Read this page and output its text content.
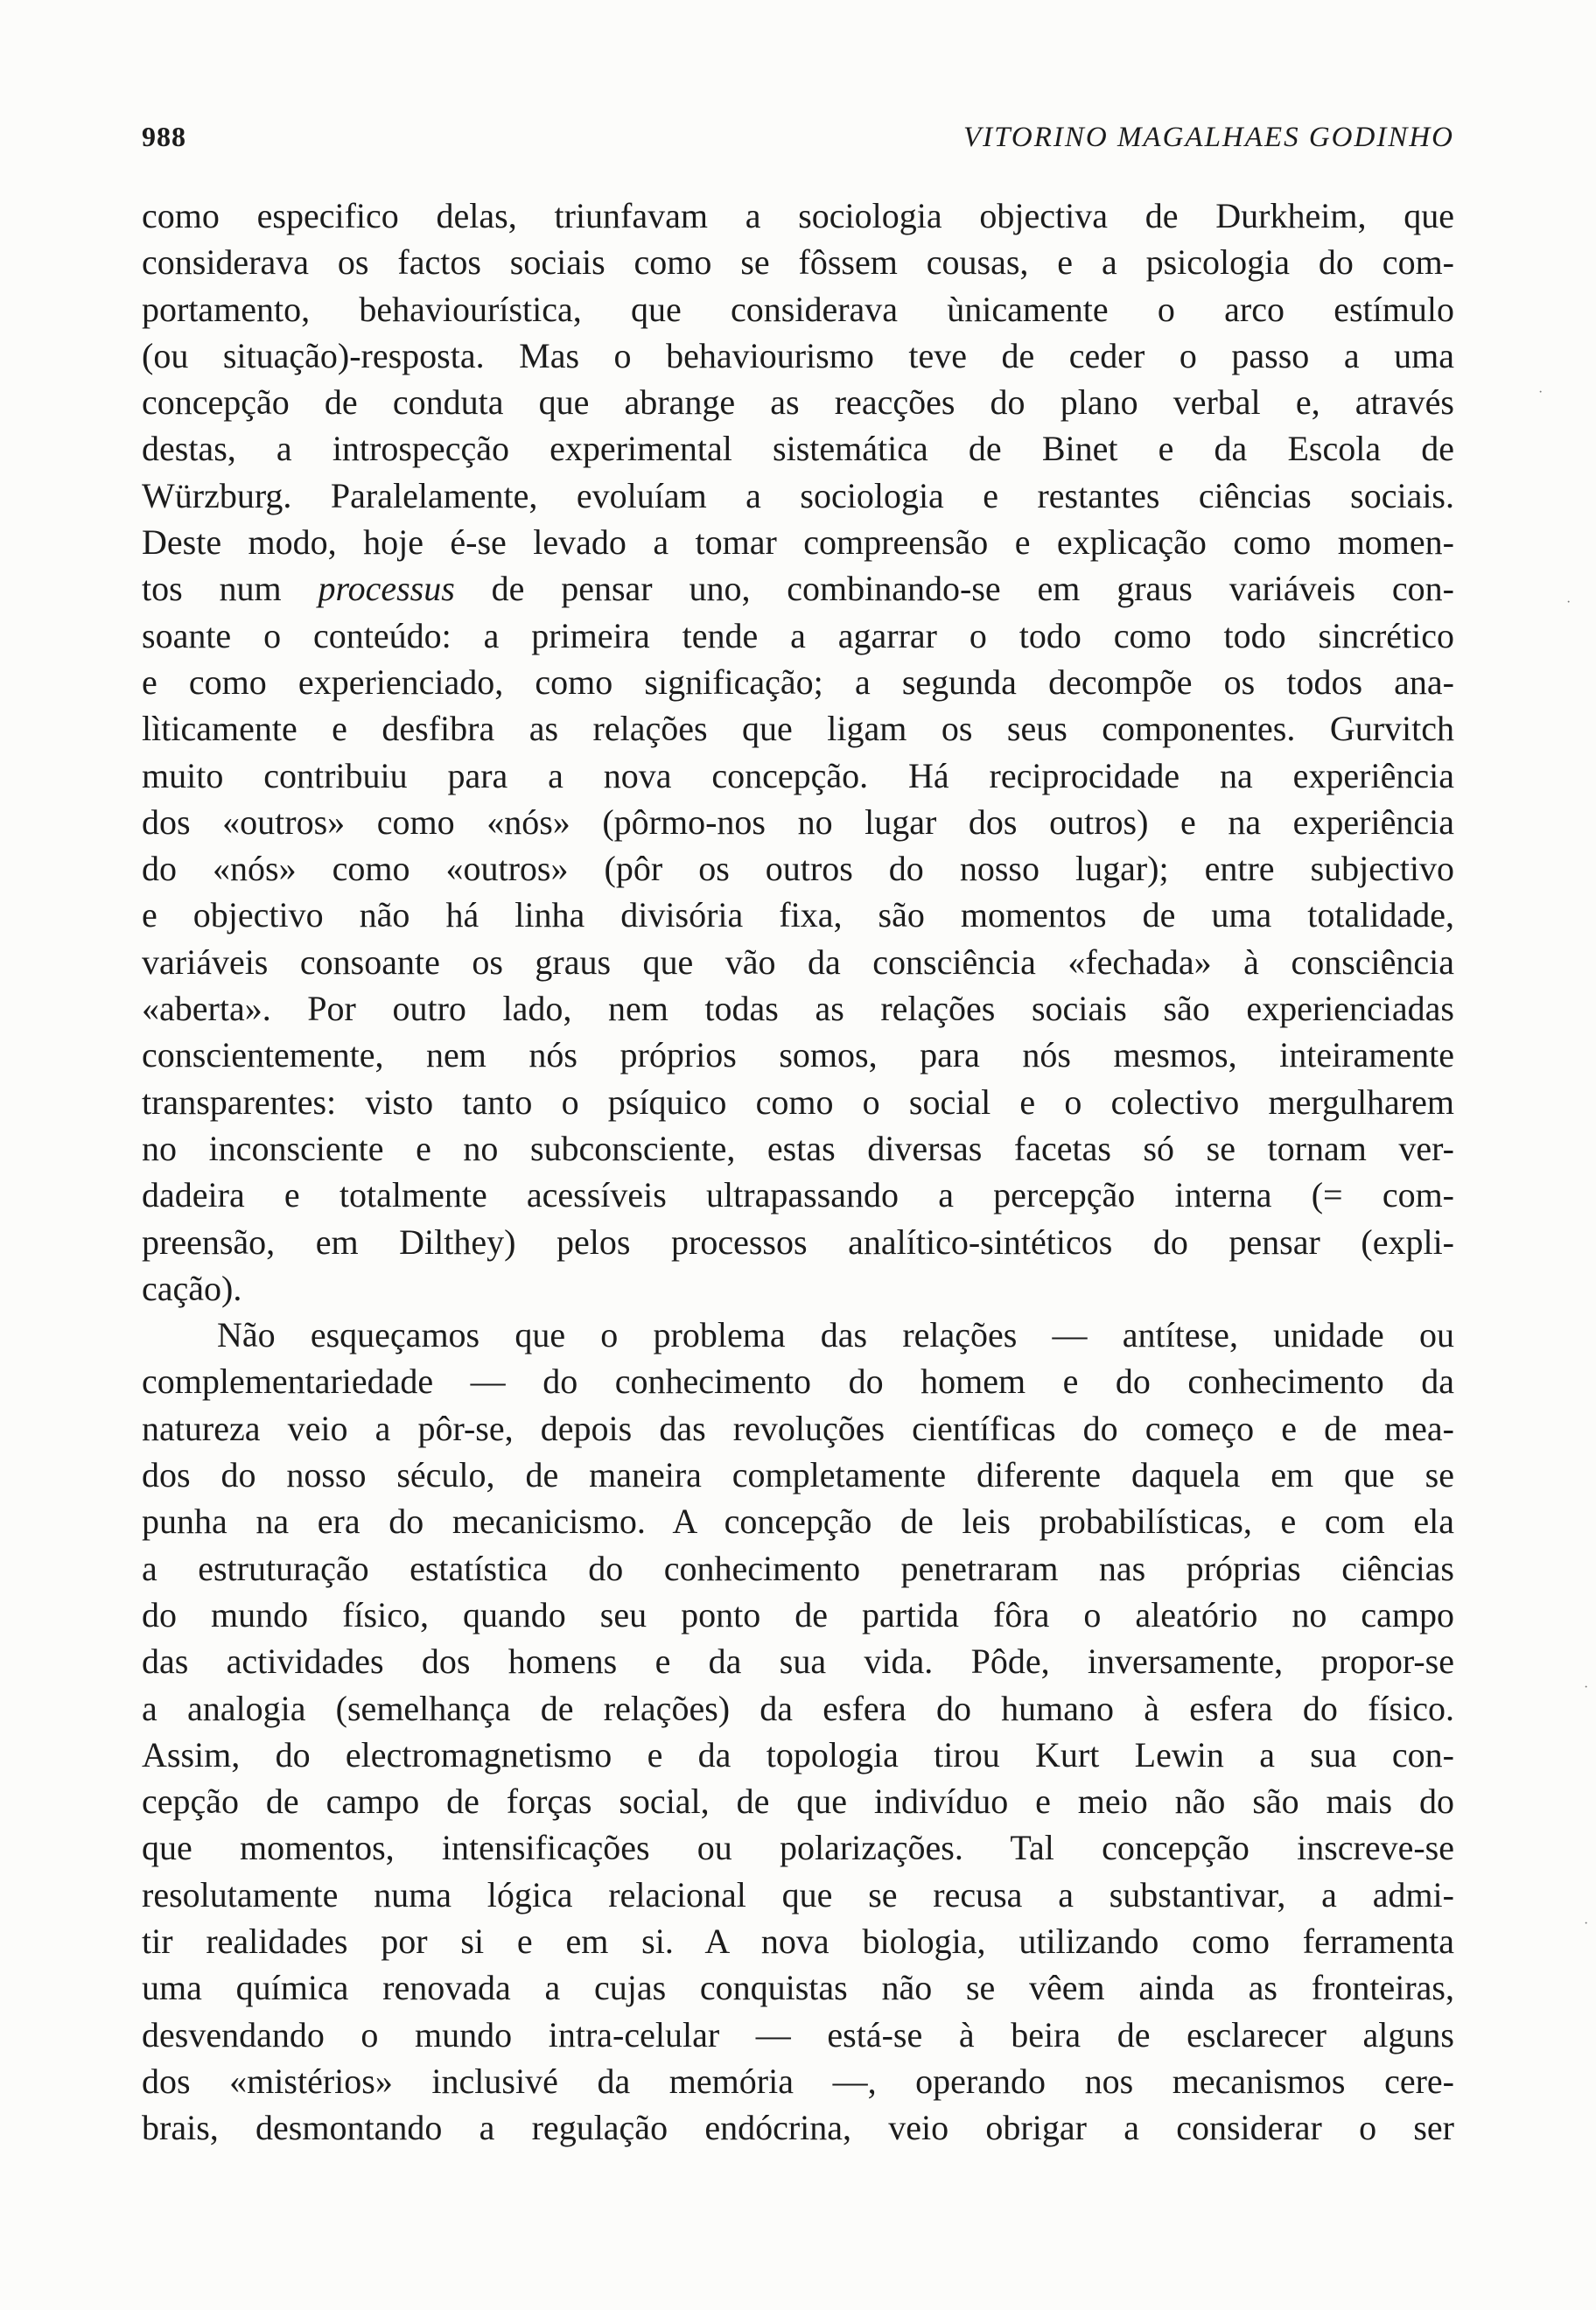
988	VITORINO MAGALHAES GODINHO
como especifico delas, triunfavam a sociologia objectiva de Durkheim, que
considerava os factos sociais como se fôssem cousas, e a psicologia do com-
portamento, behaviourística, que considerava ùnicamente o arco estímulo
(ou situação)-resposta. Mas o behaviourismo teve de ceder o passo a uma
concepção de conduta que abrange as reacções do plano verbal e, através
destas, a introspecção experimental sistemática de Binet e da Escola de
Würzburg. Paralelamente, evoluíam a sociologia e restantes ciências sociais.
Deste modo, hoje é-se levado a tomar compreensão e explicação como momen-
tos num processus de pensar uno, combinando-se em graus variáveis con-
soante o conteúdo: a primeira tende a agarrar o todo como todo sincrético
e como experienciado, como significação; a segunda decompõe os todos ana-
lìticamente e desfibra as relações que ligam os seus componentes. Gurvitch
muito contribuiu para a nova concepção. Há reciprocidade na experiência
dos «outros» como «nós» (pôrmo-nos no lugar dos outros) e na experiência
do «nós» como «outros» (pôr os outros do nosso lugar); entre subjectivo
e objectivo não há linha divisória fixa, são momentos de uma totalidade,
variáveis consoante os graus que vão da consciência «fechada» à consciência
«aberta». Por outro lado, nem todas as relações sociais são experienciadas
conscientemente, nem nós próprios somos, para nós mesmos, inteiramente
transparentes: visto tanto o psíquico como o social e o colectivo mergulharem
no inconsciente e no subconsciente, estas diversas facetas só se tornam ver-
dadeira e totalmente acessíveis ultrapassando a percepção interna (= com-
preensão, em Dilthey) pelos processos analítico-sintéticos do pensar (expli-
cação).
Não esqueçamos que o problema das relações — antítese, unidade ou
complementariedade — do conhecimento do homem e do conhecimento da
natureza veio a pôr-se, depois das revoluções científicas do começo e de mea-
dos do nosso século, de maneira completamente diferente daquela em que se
punha na era do mecanicismo. A concepção de leis probabilísticas, e com ela
a estruturação estatística do conhecimento penetraram nas próprias ciências
do mundo físico, quando seu ponto de partida fôra o aleatório no campo
das actividades dos homens e da sua vida. Pôde, inversamente, propor-se
a analogia (semelhança de relações) da esfera do humano à esfera do físico.
Assim, do electromagnetismo e da topologia tirou Kurt Lewin a sua con-
cepção de campo de forças social, de que indivíduo e meio não são mais do
que momentos, intensificações ou polarizações. Tal concepção inscreve-se
resolutamente numa lógica relacional que se recusa a substantivar, a admi-
tir realidades por si e em si. A nova biologia, utilizando como ferramenta
uma química renovada a cujas conquistas não se vêem ainda as fronteiras,
desvendando o mundo intra-celular — está-se à beira de esclarecer alguns
dos «mistérios» inclusivé da memória —, operando nos mecanismos cere-
brais, desmontando a regulação endócrina, veio obrigar a considerar o ser
·
·
·
·
